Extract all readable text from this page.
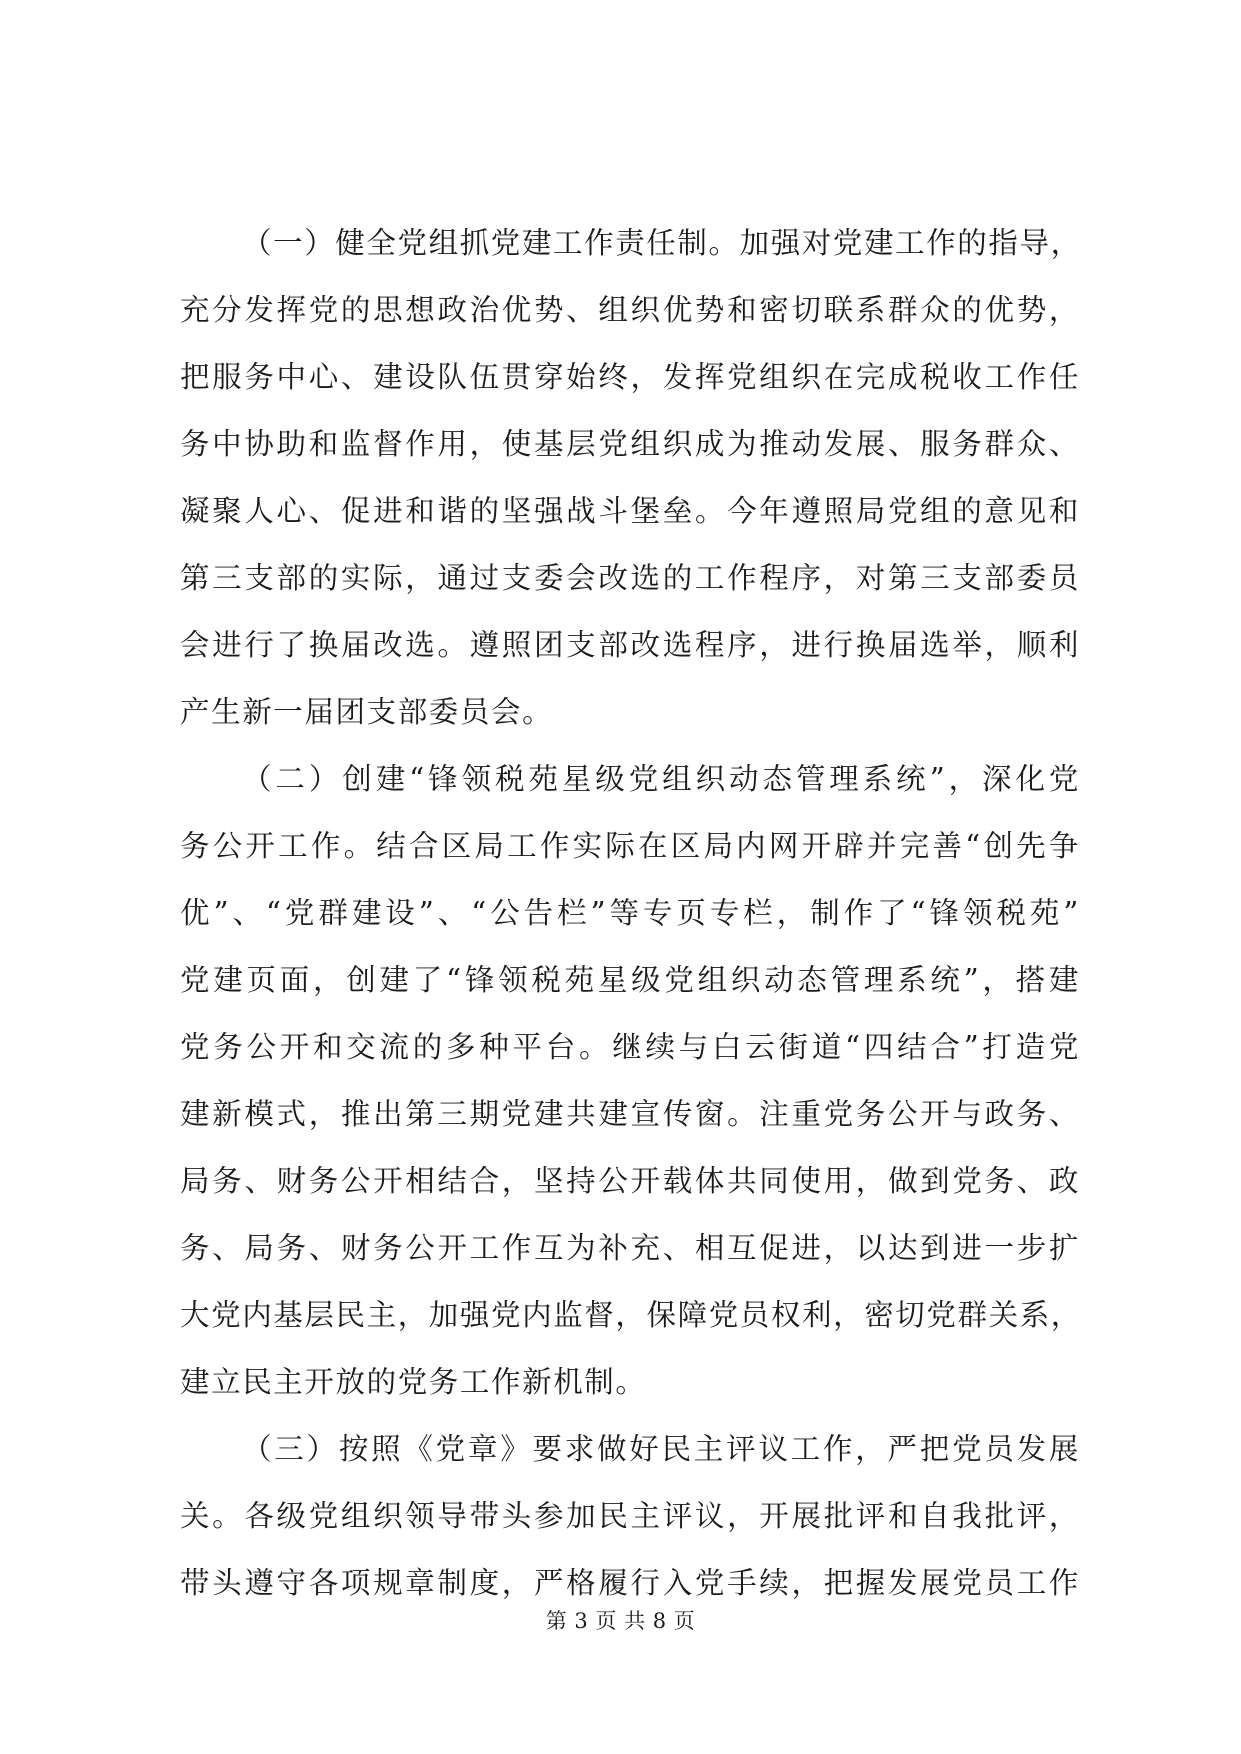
（一）健全党组抓党建工作责任制。加强对党建工作的指导，
充分发挥党的思想政治优势、组织优势和密切联系群众的优势，
把服务中心、建设队伍贯穿始终，发挥党组织在完成税收工作任
务中协助和监督作用，使基层党组织成为推动发展、服务群众、
凝聚人心、促进和谐的坚强战斗堡垒。今年遵照局党组的意见和
第三支部的实际，通过支委会改选的工作程序，对第三支部委员
会进行了换届改选。遵照团支部改选程序，进行换届选举，顺利
产生新一届团支部委员会。
（二）创建“锋领税苑星级党组织动态管理系统”，深化党
务公开工作。结合区局工作实际在区局内网开辟并完善“创先争
优”、“党群建设”、“公告栏”等专页专栏，制作了“锋领税苑”
党建页面，创建了“锋领税苑星级党组织动态管理系统”，搭建
党务公开和交流的多种平台。继续与白云街道“四结合”打造党
建新模式，推出第三期党建共建宣传窗。注重党务公开与政务、
局务、财务公开相结合，坚持公开载体共同使用，做到党务、政
务、局务、财务公开工作互为补充、相互促进，以达到进一步扩
大党内基层民主，加强党内监督，保障党员权利，密切党群关系，
建立民主开放的党务工作新机制。
（三）按照《党章》要求做好民主评议工作，严把党员发展
关。各级党组织领导带头参加民主评议，开展批评和自我批评，
带头遵守各项规章制度，严格履行入党手续，把握发展党员工作
第 3 页 共 8 页
